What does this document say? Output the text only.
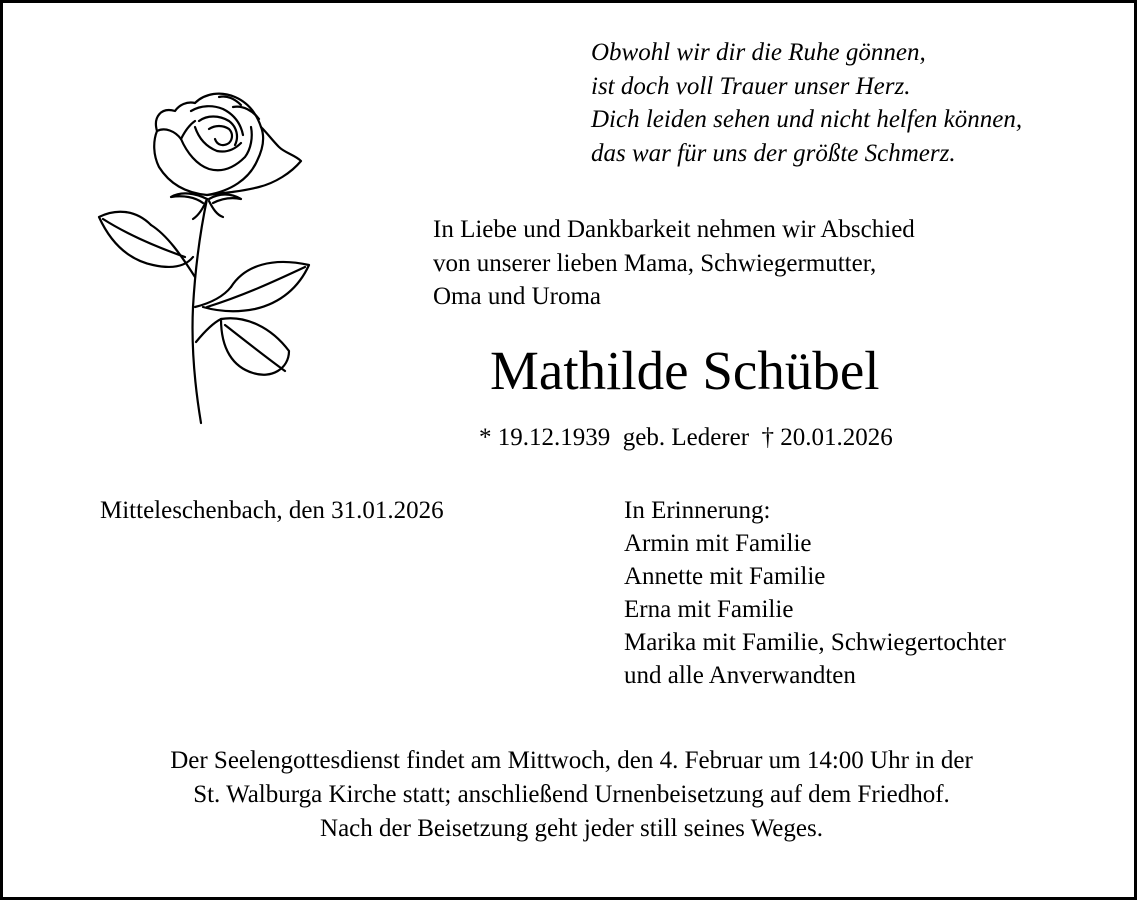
Obwohl wir dir die Ruhe gönnen,
ist doch voll Trauer unser Herz.
Dich leiden sehen und nicht helfen können,
das war für uns der größte Schmerz.
In Liebe und Dankbarkeit nehmen wir Abschied
von unserer lieben Mama, Schwiegermutter,
Oma und Uroma
Mathilde Schübel
* 19.12.1939  geb. Lederer  † 20.01.2026
Mitteleschenbach, den 31.01.2026	In Erinnerung:
Armin mit Familie
Annette mit Familie
Erna mit Familie
Marika mit Familie, Schwiegertochter
und alle Anverwandten
Der Seelengottesdienst findet am Mittwoch, den 4. Februar um 14:00 Uhr in der
St. Walburga Kirche statt; anschließend Urnenbeisetzung auf dem Friedhof.
Nach der Beisetzung geht jeder still seines Weges.
